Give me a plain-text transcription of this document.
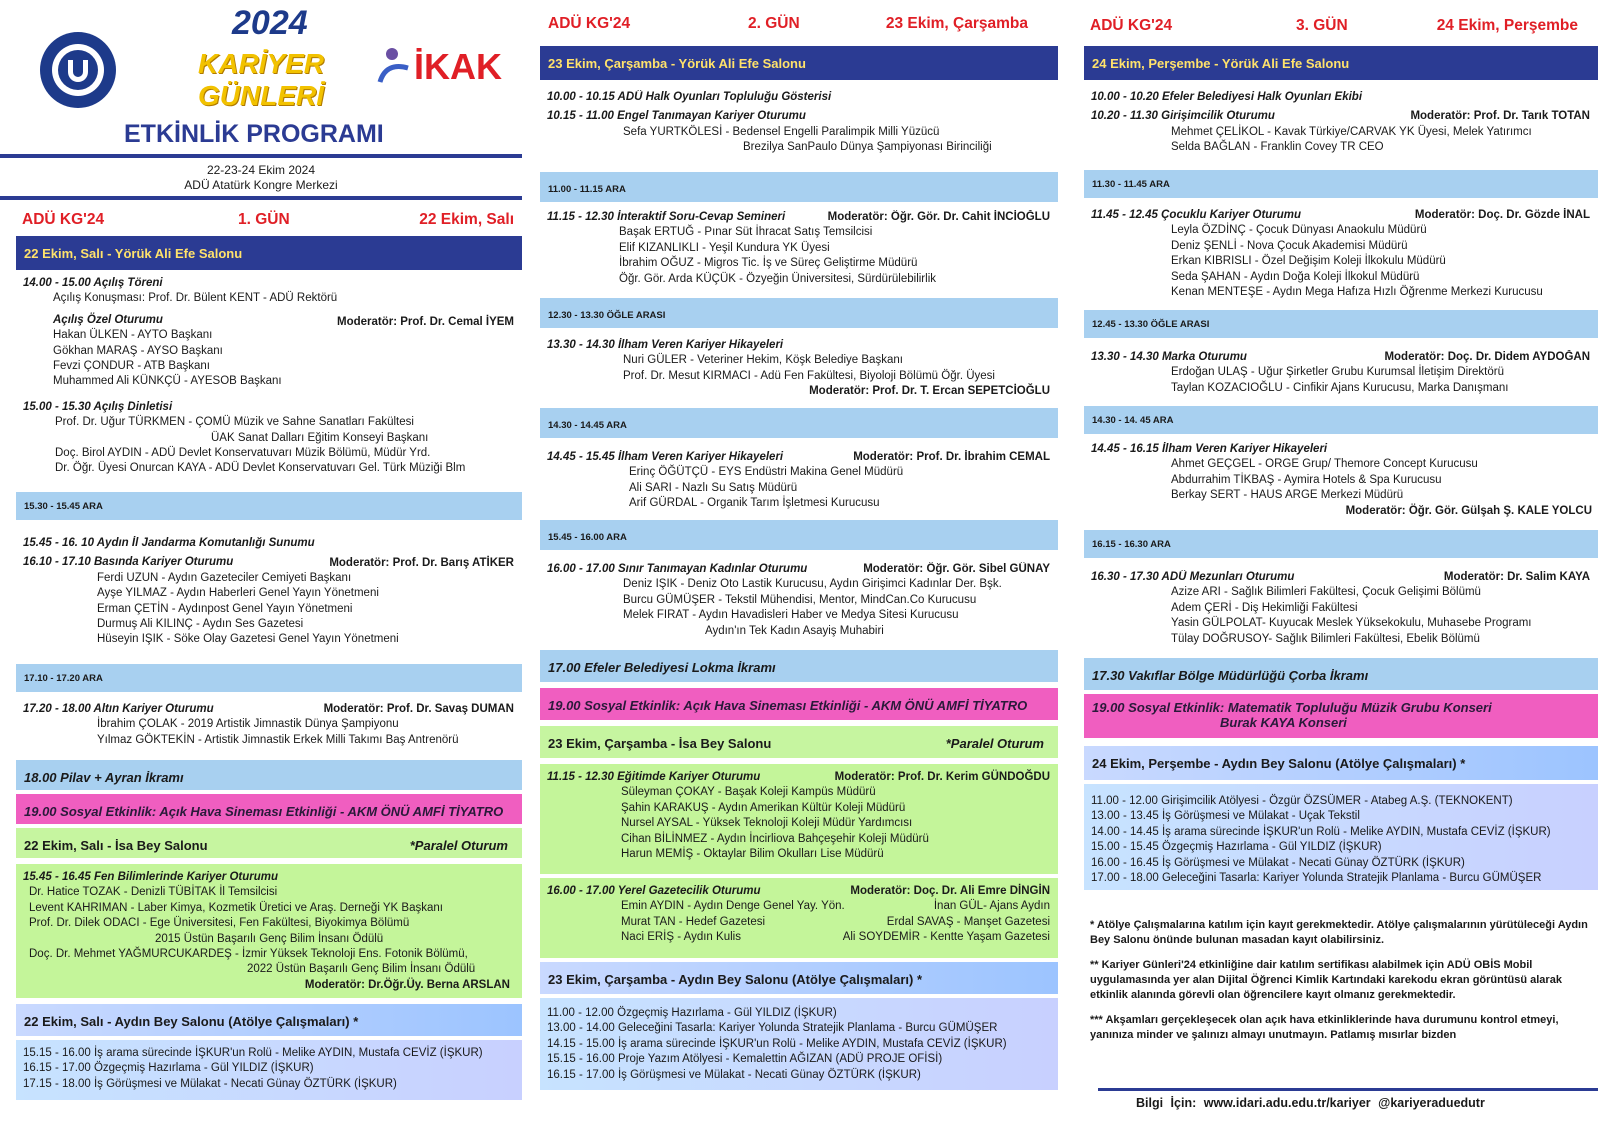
2024
KARİYER
GÜNLERİ
İKAK
ETKİNLİK PROGRAMI
22-23-24 Ekim 2024
ADÜ Atatürk Kongre Merkezi
ADÜ KG'24	1. GÜN	22 Ekim, Salı
22 Ekim, Salı - Yörük Ali Efe Salonu
14.00 - 15.00 Açılış Töreni
Açılış Konuşması: Prof. Dr. Bülent KENT - ADÜ Rektörü
Açılış Özel Oturumu
Hakan ÜLKEN - AYTO Başkanı
Gökhan MARAŞ - AYSO Başkanı
Fevzi ÇONDUR - ATB Başkanı
Muhammed Ali KÜNKÇÜ - AYESOB Başkanı
15.00 - 15.30 Açılış Dinletisi
Prof. Dr. Uğur TÜRKMEN - ÇOMÜ Müzik ve Sahne Sanatları Fakültesi
ÜAK Sanat Dalları Eğitim Konseyi Başkanı
Doç. Birol AYDIN - ADÜ Devlet Konservatuvarı Müzik Bölümü, Müdür Yrd.
Dr. Öğr. Üyesi Onurcan KAYA - ADÜ Devlet Konservatuvarı Gel. Türk Müziği Blm
Moderatör: Prof. Dr. Cemal İYEM
15.30 - 15.45 ARA
15.45 - 16. 10 Aydın İl Jandarma Komutanlığı Sunumu
16.10 - 17.10 Basında Kariyer Oturumu
Ferdi UZUN - Aydın Gazeteciler Cemiyeti Başkanı
Ayşe YILMAZ - Aydın Haberleri Genel Yayın Yönetmeni
Erman ÇETİN - Aydınpost Genel Yayın Yönetmeni
Durmuş Ali KILINÇ - Aydın Ses Gazetesi
Hüseyin IŞIK - Söke Olay Gazetesi Genel Yayın Yönetmeni
Moderatör: Prof. Dr. Barış ATİKER
17.10 - 17.20 ARA
17.20 - 18.00 Altın Kariyer Oturumu
İbrahim ÇOLAK - 2019 Artistik Jimnastik Dünya Şampiyonu
Yılmaz GÖKTEKİN - Artistik Jimnastik Erkek Milli Takımı Baş Antrenörü
Moderatör: Prof. Dr. Savaş DUMAN
18.00 Pilav + Ayran İkramı
19.00 Sosyal Etkinlik: Açık Hava Sineması Etkinliği - AKM ÖNÜ AMFİ TİYATRO
*Paralel Oturum
22 Ekim, Salı - İsa Bey Salonu
15.45 - 16.45 Fen Bilimlerinde Kariyer Oturumu
Dr. Hatice TOZAK - Denizli TÜBİTAK İl Temsilcisi
Levent KAHRIMAN - Laber Kimya, Kozmetik Üretici ve Araş. Derneği YK Başkanı
Prof. Dr. Dilek ODACI - Ege Üniversitesi, Fen Fakültesi, Biyokimya Bölümü
2015 Üstün Başarılı Genç Bilim İnsanı Ödülü
Doç. Dr. Mehmet YAĞMURCUKARDEŞ - İzmir Yüksek Teknoloji Ens. Fotonik Bölümü,
2022 Üstün Başarılı Genç Bilim İnsanı Ödülü
Moderatör: Dr.Öğr.Üy. Berna ARSLAN
22 Ekim, Salı - Aydın Bey Salonu (Atölye Çalışmaları) *
15.15 - 16.00 İş arama sürecinde İŞKUR'un Rolü - Melike AYDIN, Mustafa CEVİZ (İŞKUR)
16.15 - 17.00 Özgeçmiş Hazırlama - Gül YILDIZ (İŞKUR)
17.15 - 18.00 İş Görüşmesi ve Mülakat - Necati Günay ÖZTÜRK (İŞKUR)
ADÜ KG'24	2. GÜN	23 Ekim, Çarşamba
23 Ekim, Çarşamba - Yörük Ali Efe Salonu
10.00 - 10.15 ADÜ Halk Oyunları Topluluğu Gösterisi
10.15 - 11.00 Engel Tanımayan Kariyer Oturumu
Sefa YURTKÖLESİ - Bedensel Engelli Paralimpik Milli Yüzücü
Brezilya SanPaulo Dünya Şampiyonası Birinciliği
11.00 - 11.15 ARA
11.15 - 12.30 İnteraktif Soru-Cevap Semineri
Başak ERTUĞ - Pınar Süt İhracat Satış Temsilcisi
Elif KIZANLIKLI - Yeşil Kundura YK Üyesi
İbrahim OĞUZ - Migros Tic. İş ve Süreç Geliştirme Müdürü
Öğr. Gör. Arda KÜÇÜK - Özyeğin Üniversitesi, Sürdürülebilirlik
Moderatör: Öğr. Gör. Dr. Cahit İNCİOĞLU
12.30 - 13.30 ÖĞLE ARASI
13.30 - 14.30 İlham Veren Kariyer Hikayeleri
Nuri GÜLER - Veteriner Hekim, Köşk Belediye Başkanı
Prof. Dr. Mesut KIRMACI - Adü Fen Fakültesi, Biyoloji Bölümü Öğr. Üyesi
Moderatör: Prof. Dr. T. Ercan SEPETCİOĞLU
14.30 - 14.45 ARA
14.45 - 15.45 İlham Veren Kariyer Hikayeleri
Erinç ÖĞÜTÇÜ - EYS Endüstri Makina Genel Müdürü
Ali SARI - Nazlı Su Satış Müdürü
Arif GÜRDAL - Organik Tarım İşletmesi Kurucusu
Moderatör: Prof. Dr. İbrahim CEMAL
15.45 - 16.00 ARA
16.00 - 17.00 Sınır Tanımayan Kadınlar Oturumu
Deniz IŞIK - Deniz Oto Lastik Kurucusu, Aydın Girişimci Kadınlar Der. Bşk.
Burcu GÜMÜŞER - Tekstil Mühendisi, Mentor, MindCan.Co Kurucusu
Melek FIRAT - Aydın Havadisleri Haber ve Medya Sitesi Kurucusu
Aydın'ın Tek Kadın Asayiş Muhabiri
Moderatör: Öğr. Gör. Sibel GÜNAY
17.00 Efeler Belediyesi Lokma İkramı
19.00 Sosyal Etkinlik: Açık Hava Sineması Etkinliği - AKM ÖNÜ AMFİ TİYATRO
*Paralel Oturum
23 Ekim, Çarşamba - İsa Bey Salonu
11.15 - 12.30 Eğitimde Kariyer Oturumu
Süleyman ÇOKAY - Başak Koleji Kampüs Müdürü
Şahin KARAKUŞ - Aydın Amerikan Kültür Koleji Müdürü
Nursel AYSAL - Yüksek Teknoloji Koleji Müdür Yardımcısı
Cihan BİLİNMEZ - Aydın İncirliova Bahçeşehir Koleji Müdürü
Harun MEMİŞ - Oktaylar Bilim Okulları Lise Müdürü
Moderatör: Prof. Dr. Kerim GÜNDOĞDU
16.00 - 17.00 Yerel Gazetecilik Oturumu
Emin AYDIN - Aydın Denge Genel Yay. Yön.
Murat TAN - Hedef Gazetesi
Naci ERİŞ - Aydın Kulis
Moderatör: Doç. Dr. Ali Emre DİNGİN
İnan GÜL- Ajans Aydın
Erdal SAVAŞ - Manşet Gazetesi
Ali SOYDEMİR - Kentte Yaşam Gazetesi
23 Ekim, Çarşamba - Aydın Bey Salonu (Atölye Çalışmaları) *
11.00 - 12.00 Özgeçmiş Hazırlama - Gül YILDIZ (İŞKUR)
13.00 - 14.00 Geleceğini Tasarla: Kariyer Yolunda Stratejik Planlama - Burcu GÜMÜŞER
14.15 - 15.00 İş arama sürecinde İŞKUR'un Rolü - Melike AYDIN, Mustafa CEVİZ (İŞKUR)
15.15 - 16.00 Proje Yazım Atölyesi - Kemalettin AĞIZAN (ADÜ PROJE OFİSİ)
16.15 - 17.00 İş Görüşmesi ve Mülakat - Necati Günay ÖZTÜRK (İŞKUR)
ADÜ KG'24	3. GÜN	24 Ekim, Perşembe
24 Ekim, Perşembe - Yörük Ali Efe Salonu
10.00 - 10.20 Efeler Belediyesi Halk Oyunları Ekibi
10.20 - 11.30 Girişimcilik Oturumu
Mehmet ÇELİKOL - Kavak Türkiye/CARVAK YK Üyesi, Melek Yatırımcı
Selda BAĞLAN - Franklin Covey TR CEO
Moderatör: Prof. Dr. Tarık TOTAN
11.30 - 11.45 ARA
11.45 - 12.45 Çocuklu Kariyer Oturumu
Leyla ÖZDİNÇ - Çocuk Dünyası Anaokulu Müdürü
Deniz ŞENLİ - Nova Çocuk Akademisi Müdürü
Erkan KIBRISLI - Özel Değişim Koleji İlkokulu Müdürü
Seda ŞAHAN - Aydın Doğa Koleji İlkokul Müdürü
Kenan MENTEŞE - Aydın Mega Hafıza Hızlı Öğrenme Merkezi Kurucusu
Moderatör: Doç. Dr. Gözde İNAL
12.45 - 13.30 ÖĞLE ARASI
13.30 - 14.30 Marka Oturumu
Erdoğan ULAŞ - Uğur Şirketler Grubu Kurumsal İletişim Direktörü
Taylan KOZACIOĞLU - Cinfikir Ajans Kurucusu, Marka Danışmanı
Moderatör: Doç. Dr. Didem AYDOĞAN
14.30 - 14. 45 ARA
14.45 - 16.15 İlham Veren Kariyer Hikayeleri
Ahmet GEÇGEL - ORGE Grup/ Themore Concept Kurucusu
Abdurrahim TİKBAŞ - Aymira Hotels & Spa Kurucusu
Berkay SERT - HAUS ARGE Merkezi Müdürü
Moderatör: Öğr. Gör. Gülşah Ş. KALE YOLCU
16.15 - 16.30 ARA
16.30 - 17.30 ADÜ Mezunları Oturumu
Azize ARI - Sağlık Bilimleri Fakültesi, Çocuk Gelişimi Bölümü
Adem ÇERİ - Diş Hekimliği Fakültesi
Yasin GÜLPOLAT- Kuyucak Meslek Yüksekokulu, Muhasebe Programı
Tülay DOĞRUSOY- Sağlık Bilimleri Fakültesi, Ebelik Bölümü
Moderatör: Dr. Salim KAYA
17.30 Vakıflar Bölge Müdürlüğü Çorba İkramı
19.00 Sosyal Etkinlik: Matematik Topluluğu Müzik Grubu Konseri
Burak KAYA Konseri
24 Ekim, Perşembe - Aydın Bey Salonu (Atölye Çalışmaları) *
11.00 - 12.00 Girişimcilik Atölyesi - Özgür ÖZSÜMER - Atabeg A.Ş. (TEKNOKENT)
13.00 - 13.45 İş Görüşmesi ve Mülakat - Uçak Tekstil
14.00 - 14.45 İş arama sürecinde İŞKUR'un Rolü - Melike AYDIN, Mustafa CEVİZ (İŞKUR)
15.00 - 15.45 Özgeçmiş Hazırlama - Gül YILDIZ (İŞKUR)
16.00 - 16.45 İş Görüşmesi ve Mülakat - Necati Günay ÖZTÜRK (İŞKUR)
17.00 - 18.00 Geleceğini Tasarla: Kariyer Yolunda Stratejik Planlama - Burcu GÜMÜŞER
* Atölye Çalışmalarına katılım için kayıt gerekmektedir. Atölye çalışmalarının yürütüleceği Aydın Bey Salonu önünde bulunan masadan kayıt olabilirsiniz.
** Kariyer Günleri'24 etkinliğine dair katılım sertifikası alabilmek için ADÜ OBİS Mobil uygulamasında yer alan Dijital Öğrenci Kimlik Kartındaki karekodu ekran görüntüsü alarak etkinlik alanında görevli olan öğrencilere kayıt olmanız gerekmektedir.
*** Akşamları gerçekleşecek olan açık hava etkinliklerinde hava durumunu kontrol etmeyi, yanınıza minder ve şalınızı almayı unutmayın. Patlamış mısırlar bizden
Bilgi İçin: www.idari.adu.edu.tr/kariyer @kariyeraduedutr
